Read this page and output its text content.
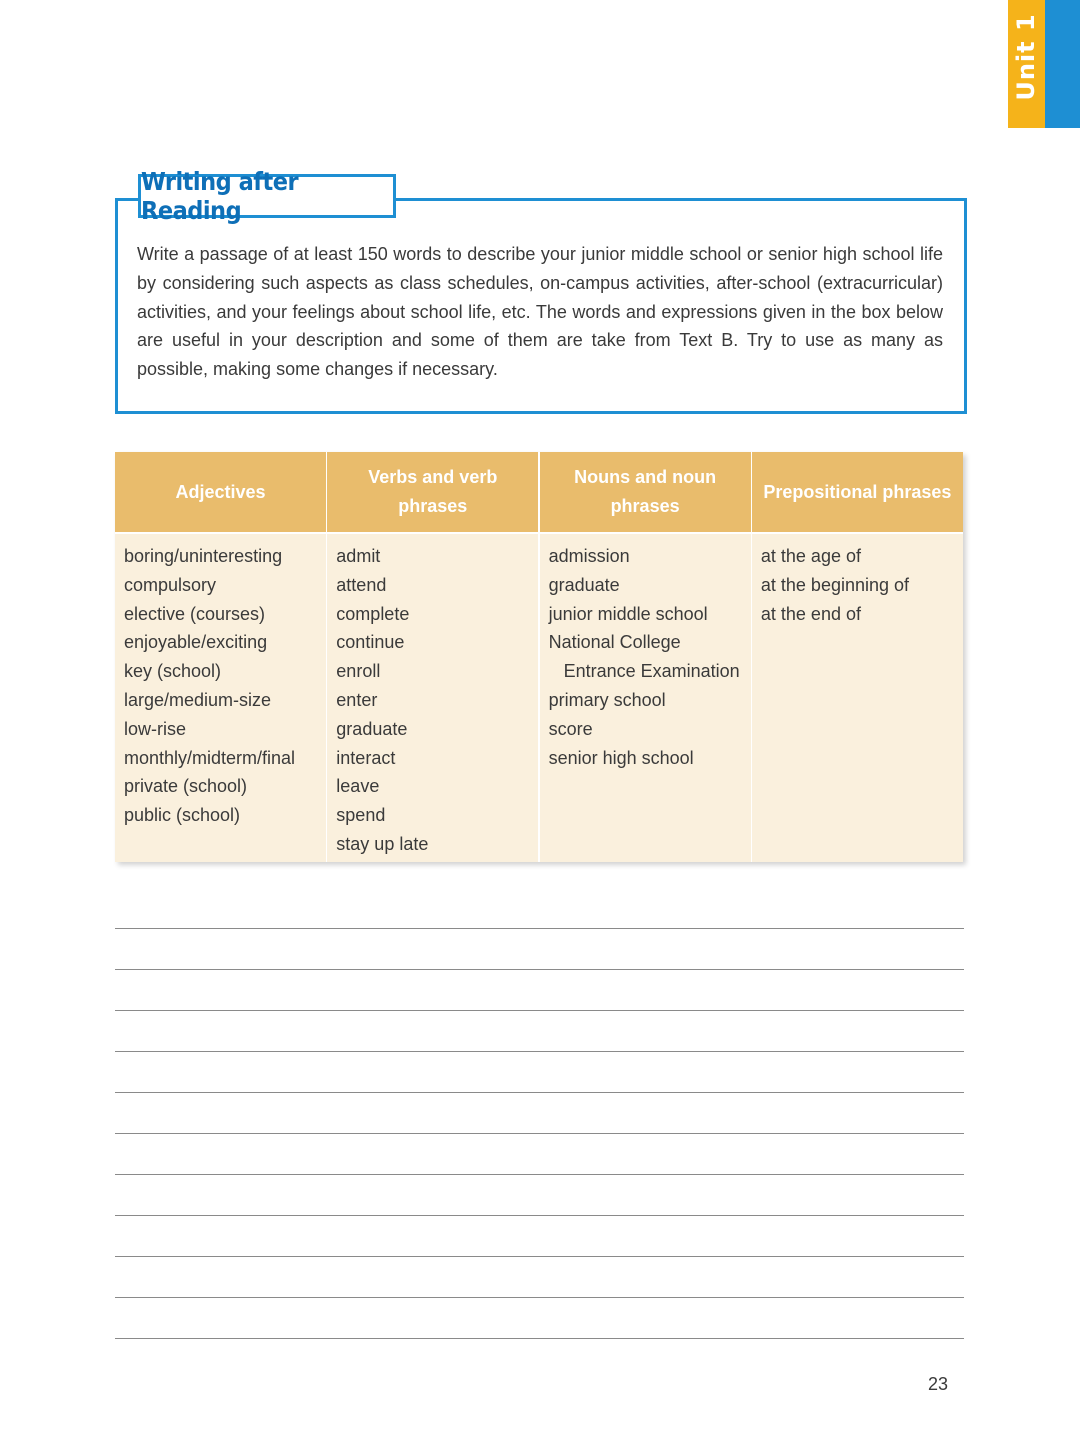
Unit 1
Writing after Reading
Write a passage of at least 150 words to describe your junior middle school or senior high school life by considering such aspects as class schedules, on-campus activities, after-school (extracurricular) activities, and your feelings about school life, etc. The words and expressions given in the box below are useful in your description and some of them are take from Text B. Try to use as many as possible, making some changes if necessary.
Adjectives
boring/uninteresting
compulsory
elective (courses)
enjoyable/exciting
key (school)
large/medium-size
low-rise
monthly/midterm/final
private (school)
public (school)
Verbs and verb phrases
admit
attend
complete
continue
enroll
enter
graduate
interact
leave
spend
stay up late
Nouns and noun phrases
admission
graduate
junior middle school
National College
Entrance Examination
primary school
score
senior high school
Prepositional phrases
at the age of
at the beginning of
at the end of
23
